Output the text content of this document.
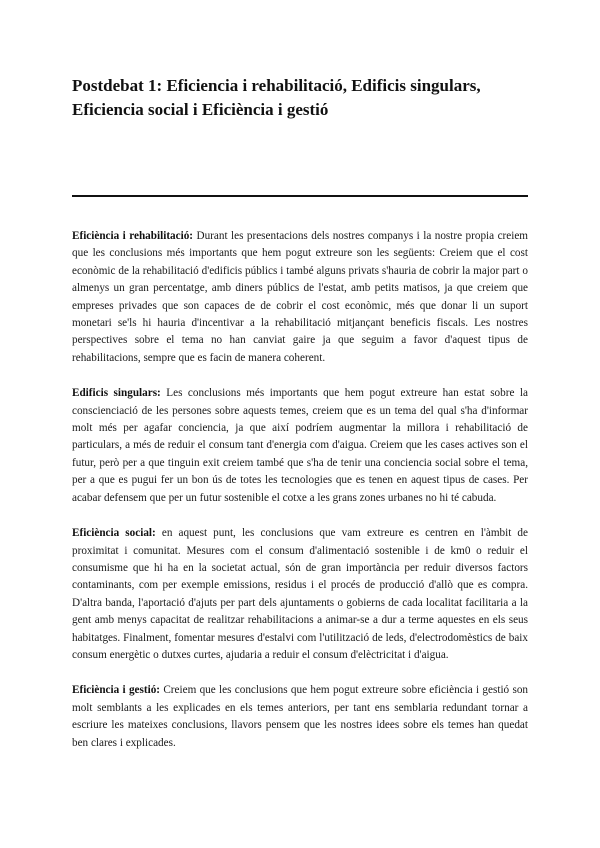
Postdebat 1: Eficiencia i rehabilitació, Edificis singulars, Eficiencia social i Eficiència i gestió

Eficiència i rehabilitació: Durant les presentacions dels nostres companys i la nostre propia creiem que les conclusions més importants que hem pogut extreure son les següents: Creiem que el cost econòmic de la rehabilitació d'edificis públics i també alguns privats s'hauria de cobrir la major part o almenys un gran percentatge, amb diners públics de l'estat, amb petits matisos, ja que creiem que empreses privades que son capaces de de cobrir el cost econòmic, més que donar li un suport monetari se'ls hi hauria d'incentivar a la rehabilitació mitjançant beneficis fiscals. Les nostres perspectives sobre el tema no han canviat gaire ja que seguim a favor d'aquest tipus de rehabilitacions, sempre que es facin de manera coherent.

Edificis singulars: Les conclusions més importants que hem pogut extreure han estat sobre la conscienciació de les persones sobre aquests temes, creiem que es un tema del qual s'ha d'informar molt més per agafar conciencia, ja que així podríem augmentar la millora i rehabilitació de particulars, a més de reduir el consum tant d'energia com d'aigua. Creiem que les cases actives son el futur, però per a que tinguin exit creiem també que s'ha de tenir una conciencia social sobre el tema, per a que es pugui fer un bon ús de totes les tecnologies que es tenen en aquest tipus de cases. Per acabar defensem que per un futur sostenible el cotxe a les grans zones urbanes no hi té cabuda.

Eficiència social: en aquest punt, les conclusions que vam extreure es centren en l'àmbit de proximitat i comunitat. Mesures com el consum d'alimentació sostenible i de km0 o reduir el consumisme que hi ha en la societat actual, són de gran importància per reduir diversos factors contaminants, com per exemple emissions, residus i el procés de producció d'allò que es compra. D'altra banda, l'aportació d'ajuts per part dels ajuntaments o gobierns de cada localitat facilitaria a la gent amb menys capacitat de realitzar rehabilitacions a animar-se a dur a terme aquestes en els seus habitatges. Finalment, fomentar mesures d'estalvi com l'utilització de leds, d'electrodomèstics de baix consum energètic o dutxes curtes, ajudaria a reduir el consum d'elèctricitat i d'aigua.

Eficiència i gestió: Creiem que les conclusions que hem pogut extreure sobre eficiència i gestió son molt semblants a les explicades en els temes anteriors, per tant ens semblaria redundant tornar a escriure les mateixes conclusions, llavors pensem que les nostres idees sobre els temes han quedat ben clares i explicades.
